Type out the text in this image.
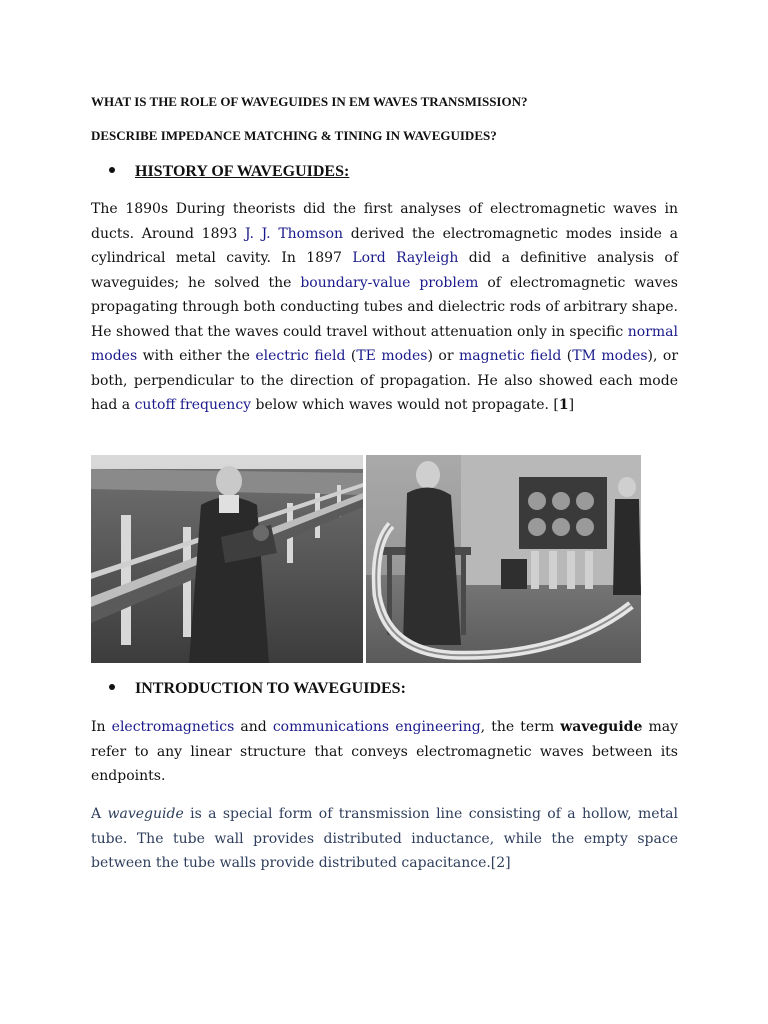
WHAT IS THE ROLE OF WAVEGUIDES IN EM WAVES TRANSMISSION?
DESCRIBE IMPEDANCE MATCHING & TINING IN WAVEGUIDES?
HISTORY OF WAVEGUIDES:

The 1890s During theorists did the first analyses of electromagnetic waves in ducts. Around 1893 J. J. Thomson derived the electromagnetic modes inside a cylindrical metal cavity. In 1897 Lord Rayleigh did a definitive analysis of waveguides; he solved the boundary-value problem of electromagnetic waves propagating through both conducting tubes and dielectric rods of arbitrary shape. He showed that the waves could travel without attenuation only in specific normal modes with either the electric field (TE modes) or magnetic field (TM modes), or both, perpendicular to the direction of propagation. He also showed each mode had a cutoff frequency below which waves would not propagate. [1]

INTRODUCTION TO WAVEGUIDES:

In electromagnetics and communications engineering, the term waveguide may refer to any linear structure that conveys electromagnetic waves between its endpoints.

A waveguide is a special form of transmission line consisting of a hollow, metal tube. The tube wall provides distributed inductance, while the empty space between the tube walls provide distributed capacitance.[2]
